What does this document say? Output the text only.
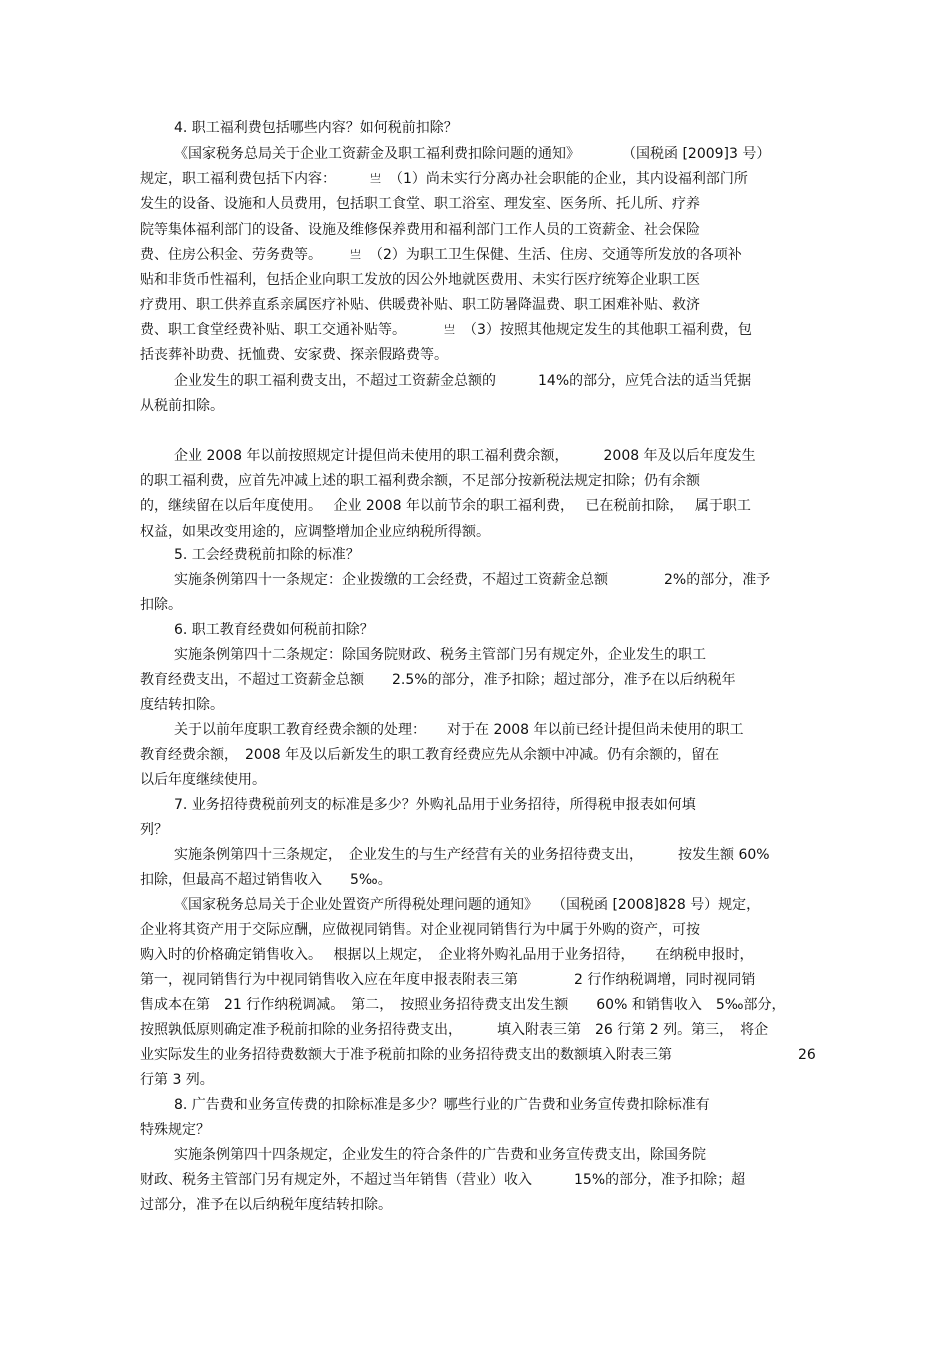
4. 职工福利费包括哪些内容？如何税前扣除？
《国家税务总局关于企业工资薪金及职工福利费扣除问题的通知》　　　　（国税函 [2009]3 号）
规定，职工福利费包括下内容：	亗 （1）尚未实行分离办社会职能的企业，其内设福利部门所
发生的设备、设施和人员费用，包括职工食堂、职工浴室、理发室、医务所、托儿所、疗养
院等集体福利部门的设备、设施及维修保养费用和福利部门工作人员的工资薪金、社会保险
费、住房公积金、劳务费等。	亗 （2）为职工卫生保健、生活、住房、交通等所发放的各项补
贴和非货币性福利，包括企业向职工发放的因公外地就医费用、未实行医疗统筹企业职工医
疗费用、职工供养直系亲属医疗补贴、供暖费补贴、职工防暑降温费、职工困难补贴、救济
费、职工食堂经费补贴、职工交通补贴等。	亗 （3）按照其他规定发生的其他职工福利费，包
括丧葬补助费、抚恤费、安家费、探亲假路费等。
企业发生的职工福利费支出，不超过工资薪金总额的　　　14%的部分，应凭合法的适当凭据
从税前扣除。
企业 2008 年以前按照规定计提但尚未使用的职工福利费余额，　　　2008 年及以后年度发生
的职工福利费，应首先冲减上述的职工福利费余额，不足部分按新税法规定扣除；仍有余额
的，继续留在以后年度使用。　 企业 2008 年以前节余的职工福利费，　 已在税前扣除，　 属于职工
权益，如果改变用途的，应调整增加企业应纳税所得额。
5. 工会经费税前扣除的标准？
实施条例第四十一条规定：企业拨缴的工会经费，不超过工资薪金总额　　　　2%的部分，准予
扣除。
6. 职工教育经费如何税前扣除？
实施条例第四十二条规定：除国务院财政、税务主管部门另有规定外，企业发生的职工
教育经费支出，不超过工资薪金总额　　2.5%的部分，准予扣除；超过部分，准予在以后纳税年
度结转扣除。
关于以前年度职工教育经费余额的处理：　　对于在 2008 年以前已经计提但尚未使用的职工
教育经费余额，　2008 年及以后新发生的职工教育经费应先从余额中冲减。仍有余额的，留在
以后年度继续使用。
7. 业务招待费税前列支的标准是多少？外购礼品用于业务招待，所得税申报表如何填
列？
实施条例第四十三条规定，　企业发生的与生产经营有关的业务招待费支出，　　　按发生额 60%
扣除，但最高不超过销售收入　　5‰。
《国家税务总局关于企业处置资产所得税处理问题的通知》　　（国税函 [2008]828 号）规定，
企业将其资产用于交际应酬，应做视同销售。对企业视同销售行为中属于外购的资产，可按
购入时的价格确定销售收入。　 根据以上规定，　企业将外购礼品用于业务招待，　　在纳税申报时，
第一，视同销售行为中视同销售收入应在年度申报表附表三第　　　　2 行作纳税调增，同时视同销
售成本在第　21 行作纳税调减。　第二，　按照业务招待费支出发生额　　60% 和销售收入　5‰部分，
按照孰低原则确定准予税前扣除的业务招待费支出，　　　填入附表三第　26 行第 2 列。第三，　将企
业实际发生的业务招待费数额大于准予税前扣除的业务招待费支出的数额填入附表三第　　　　　　　　　26
行第 3 列。
8. 广告费和业务宣传费的扣除标准是多少？哪些行业的广告费和业务宣传费扣除标准有
特殊规定？
实施条例第四十四条规定，企业发生的符合条件的广告费和业务宣传费支出，除国务院
财政、税务主管部门另有规定外，不超过当年销售（营业）收入　　　15%的部分，准予扣除；超
过部分，准予在以后纳税年度结转扣除。
